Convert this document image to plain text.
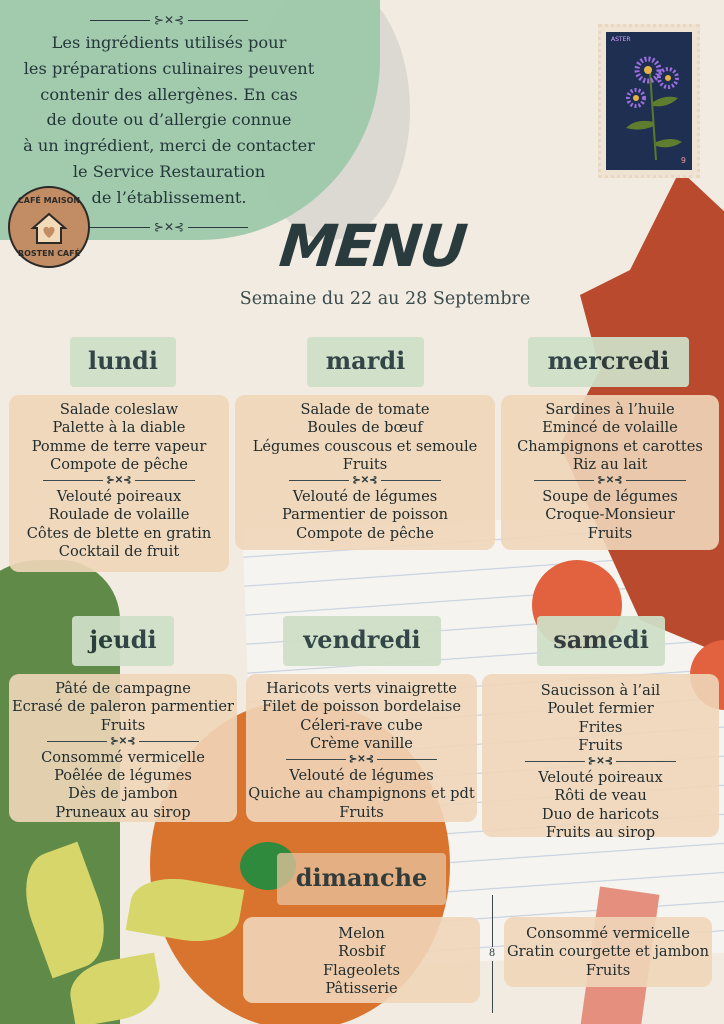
ASTER
9
⊱✕⊰
Les ingrédients utilisés pour
les préparations culinaires peuvent
contenir des allergènes. En cas
de doute ou d’allergie connue
à un ingrédient, merci de contacter
le Service Restauration
de l’établissement.
⊱✕⊰
CAFÉ MAISON
ROSTEN CAFÉ	MENU
Semaine du 22 au 28 Septembre
lundi
Salade coleslaw
Palette à la diable
Pomme de terre vapeur
Compote de pêche
⊱✕⊰
Velouté poireaux
Roulade de volaille
Côtes de blette en gratin
Cocktail de fruit
mardi
Salade de tomate
Boules de bœuf
Légumes couscous et semoule
Fruits
⊱✕⊰
Velouté de légumes
Parmentier de poisson
Compote de pêche
mercredi
Sardines à l’huile
Emincé de volaille
Champignons et carottes
Riz au lait
⊱✕⊰
Soupe de légumes
Croque-Monsieur
Fruits
jeudi
Pâté de campagne
Ecrasé de paleron parmentier
Fruits
⊱✕⊰
Consommé vermicelle
Poêlée de légumes
Dès de jambon
Pruneaux au sirop
vendredi
Haricots verts vinaigrette
Filet de poisson bordelaise
Céleri-rave cube
Crème vanille
⊱✕⊰
Velouté de légumes
Quiche au champignons et pdt
Fruits
samedi
Saucisson à l’ail
Poulet fermier
Frites
Fruits
⊱✕⊰
Velouté poireaux
Rôti de veau
Duo de haricots
Fruits au sirop
dimanche
Melon
Rosbif
Flageolets
Pâtisserie
8
Consommé vermicelle
Gratin courgette et jambon
Fruits
